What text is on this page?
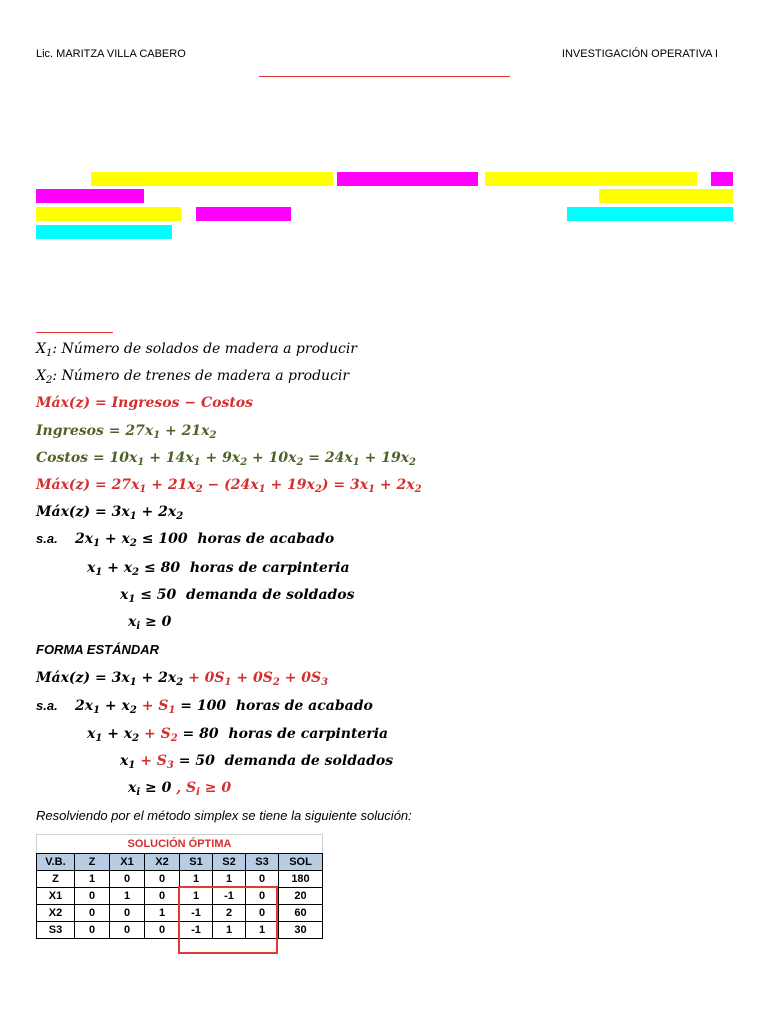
Lic. MARITZA VILLA CABERO	INVESTIGACIÓN OPERATIVA I
$X_1$: Número de solados de madera a producir
$X_2$: Número de trenes de madera a producir
Máx(z) = Ingresos − Costos
Ingresos = $27x_1 + 21x_2$
Costos = $10x_1 + 14x_1 + 9x_2 + 10x_2 = 24x_1 + 19x_2$
Máx(z) = $27x_1 + 21x_2 - (24x_1 + 19x_2) = 3x_1 + 2x_2$
Máx(z) = $3x_1 + 2x_2$
s.a. $2x_1 + x_2 \le 100$  horas de acabado
$x_1 + x_2 \le 80$  horas de carpinteria
$x_1 \le 50$  demanda de soldados
$x_i \ge 0$
FORMA ESTÁNDAR
Máx(z) = $3x_1 + 2x_2 + 0S_1 + 0S_2 + 0S_3$
s.a. $2x_1 + x_2 + S_1 = 100$  horas de acabado
$x_1 + x_2 + S_2 = 80$  horas de carpinteria
$x_1 + S_3 = 50$  demanda de soldados
$x_i \ge 0$ , $S_i \ge 0$
Resolviendo por el método simplex se tiene la siguiente solución:
SOLUCIÓN ÓPTIMA							
V.B.	Z	X1	X2	S1	S2	S3	SOL
Z	1	0	0	1	1	0	180
X1	0	1	0	1	-1	0	20
X2	0	0	1	-1	2	0	60
S3	0	0	0	-1	1	1	30
